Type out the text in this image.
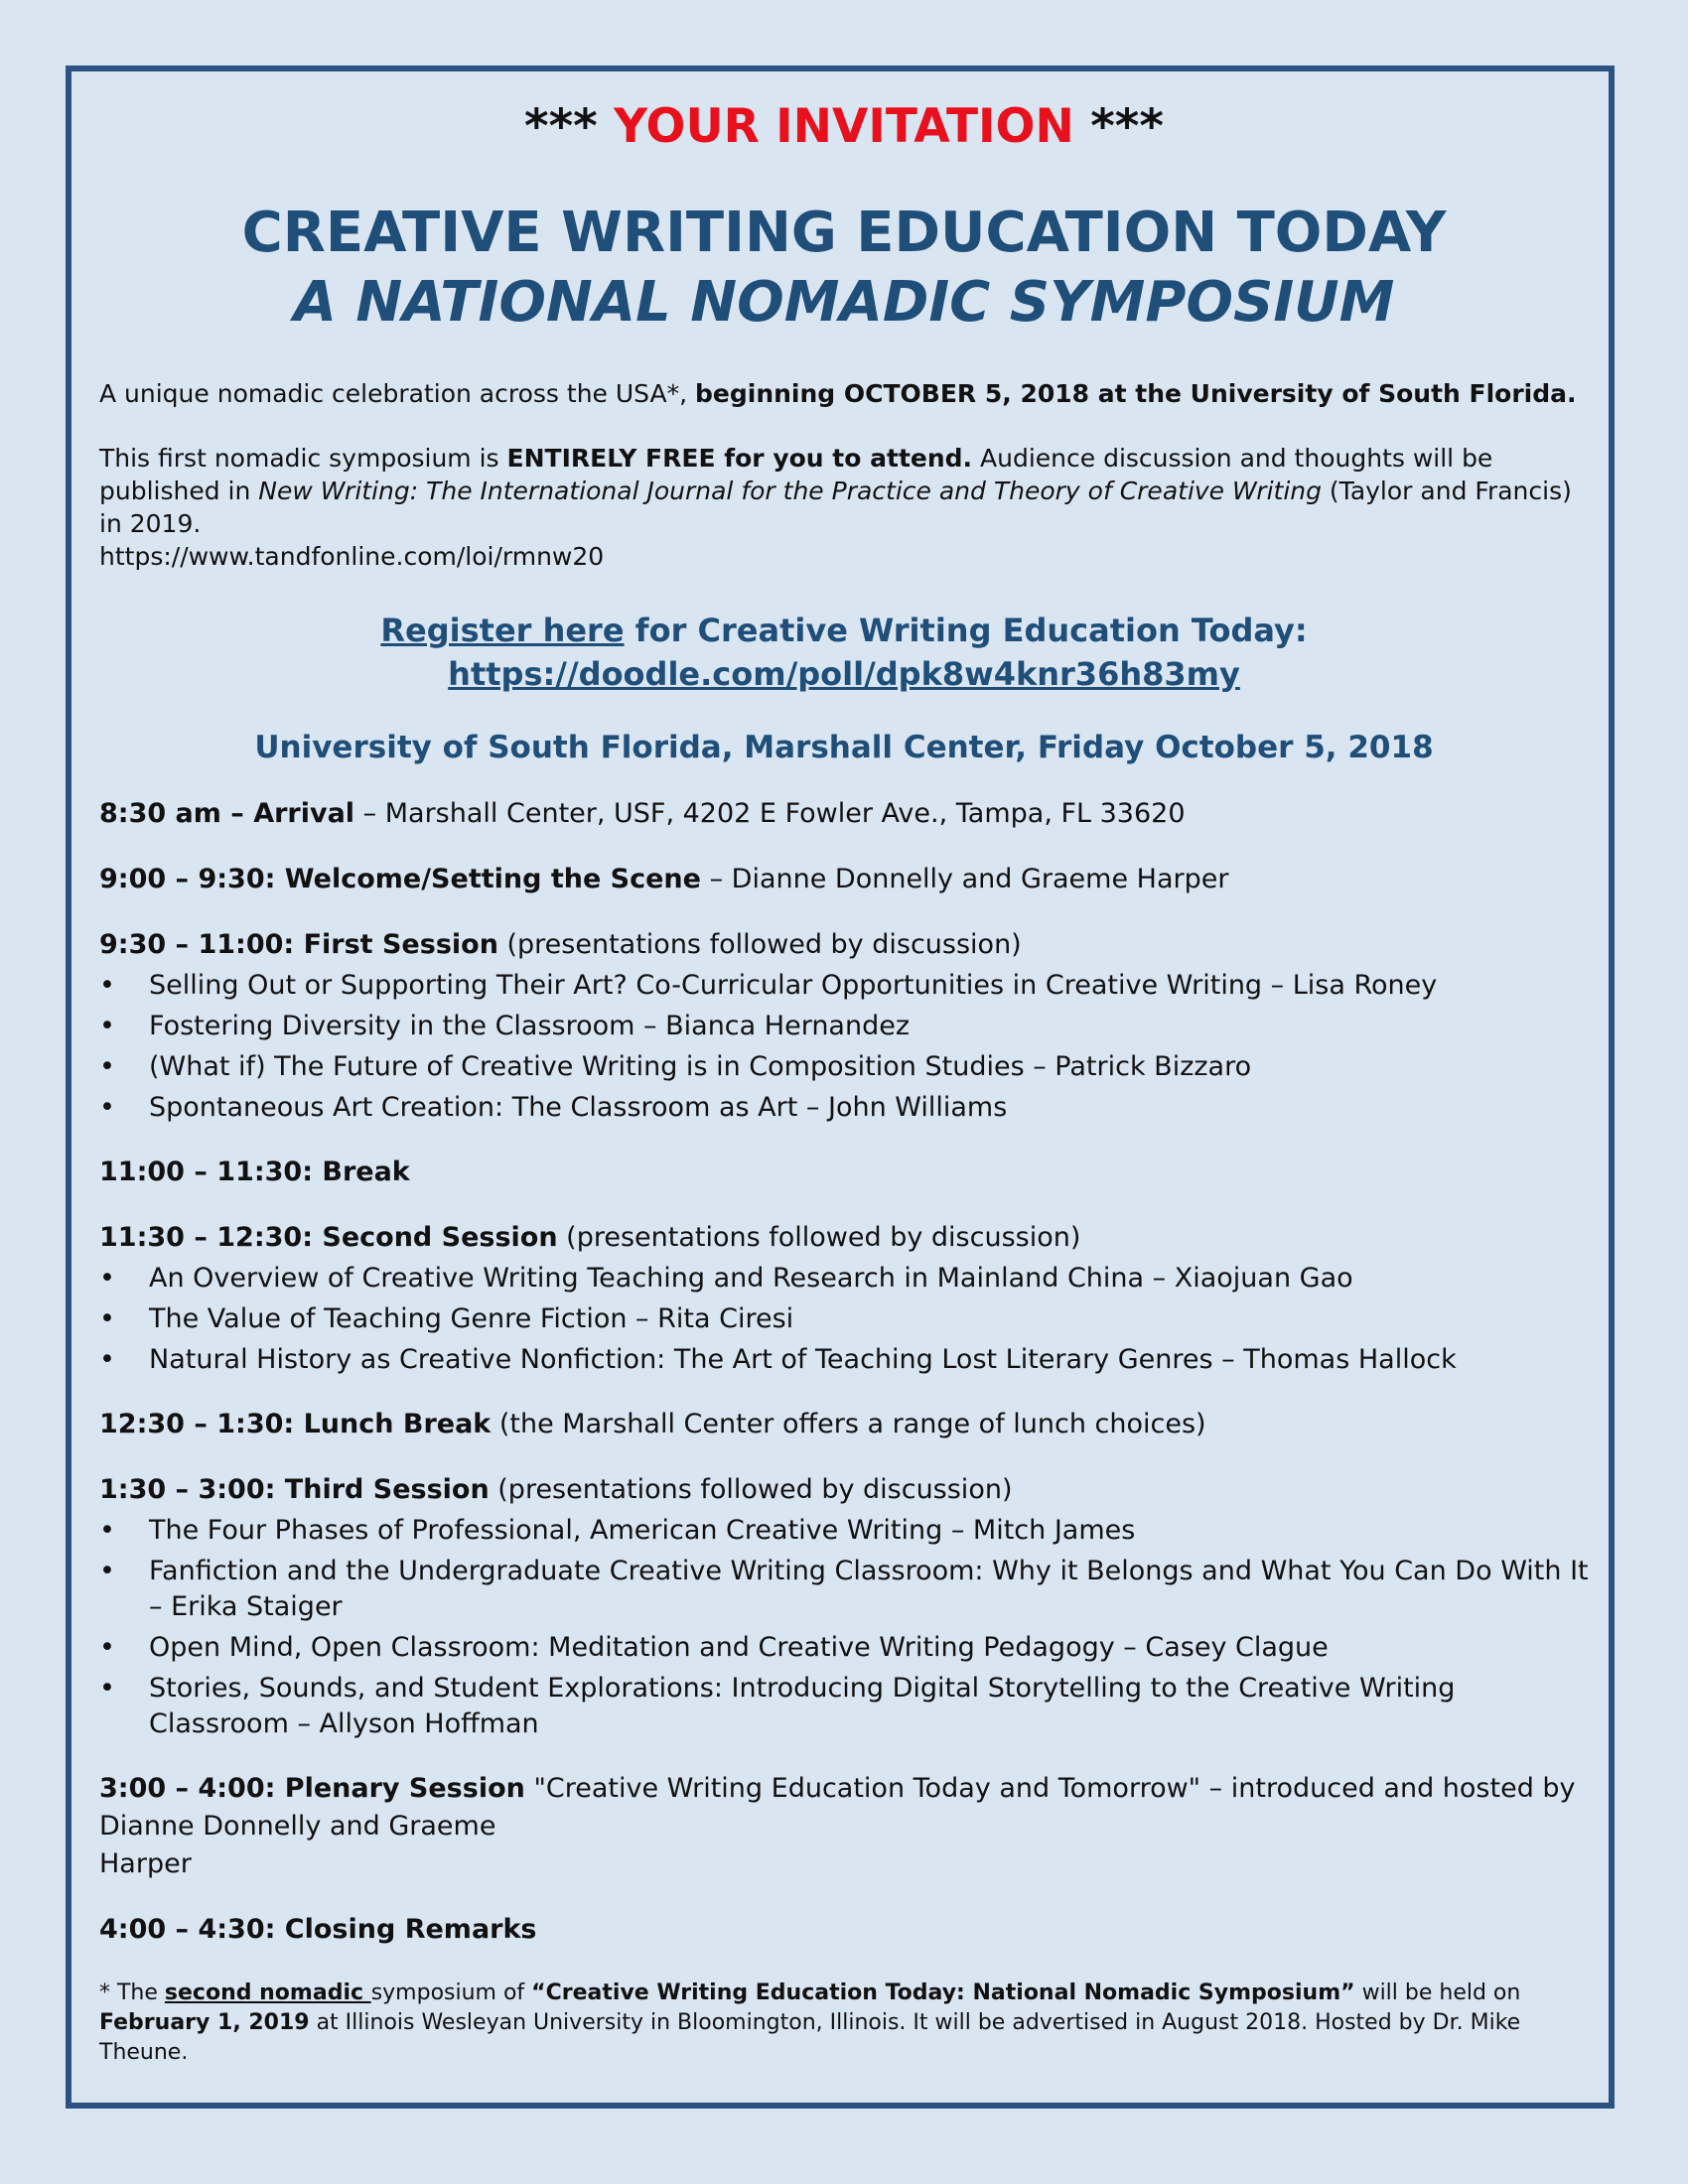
*** YOUR INVITATION ***

CREATIVE WRITING EDUCATION TODAY

A NATIONAL NOMADIC SYMPOSIUM

A unique nomadic celebration across the USA*, beginning OCTOBER 5, 2018 at the University of South Florida.

This first nomadic symposium is ENTIRELY FREE for you to attend. Audience discussion and thoughts will be published in New Writing: The International Journal for the Practice and Theory of Creative Writing (Taylor and Francis) in 2019.
https://www.tandfonline.com/loi/rmnw20

Register here for Creative Writing Education Today:
https://doodle.com/poll/dpk8w4knr36h83my

University of South Florida, Marshall Center, Friday October 5, 2018

8:30 am – Arrival – Marshall Center, USF, 4202 E Fowler Ave., Tampa, FL 33620
9:00 – 9:30: Welcome/Setting the Scene – Dianne Donnelly and Graeme Harper
9:30 – 11:00: First Session (presentations followed by discussion)
• Selling Out or Supporting Their Art? Co-Curricular Opportunities in Creative Writing – Lisa Roney
• Fostering Diversity in the Classroom – Bianca Hernandez
• (What if) The Future of Creative Writing is in Composition Studies – Patrick Bizzaro
• Spontaneous Art Creation: The Classroom as Art – John Williams
11:00 – 11:30: Break
11:30 – 12:30: Second Session (presentations followed by discussion)
• An Overview of Creative Writing Teaching and Research in Mainland China – Xiaojuan Gao
• The Value of Teaching Genre Fiction – Rita Ciresi
• Natural History as Creative Nonfiction: The Art of Teaching Lost Literary Genres – Thomas Hallock
12:30 – 1:30: Lunch Break (the Marshall Center offers a range of lunch choices)
1:30 – 3:00: Third Session (presentations followed by discussion)
• The Four Phases of Professional, American Creative Writing – Mitch James
• Fanfiction and the Undergraduate Creative Writing Classroom: Why it Belongs and What You Can Do With It – Erika Staiger
• Open Mind, Open Classroom: Meditation and Creative Writing Pedagogy – Casey Clague
• Stories, Sounds, and Student Explorations: Introducing Digital Storytelling to the Creative Writing Classroom – Allyson Hoffman
3:00 – 4:00: Plenary Session "Creative Writing Education Today and Tomorrow" – introduced and hosted by Dianne Donnelly and Graeme
Harper
4:00 – 4:30: Closing Remarks

* The second nomadic symposium of “Creative Writing Education Today: National Nomadic Symposium” will be held on February 1, 2019 at Illinois Wesleyan University in Bloomington, Illinois. It will be advertised in August 2018. Hosted by Dr. Mike Theune.
